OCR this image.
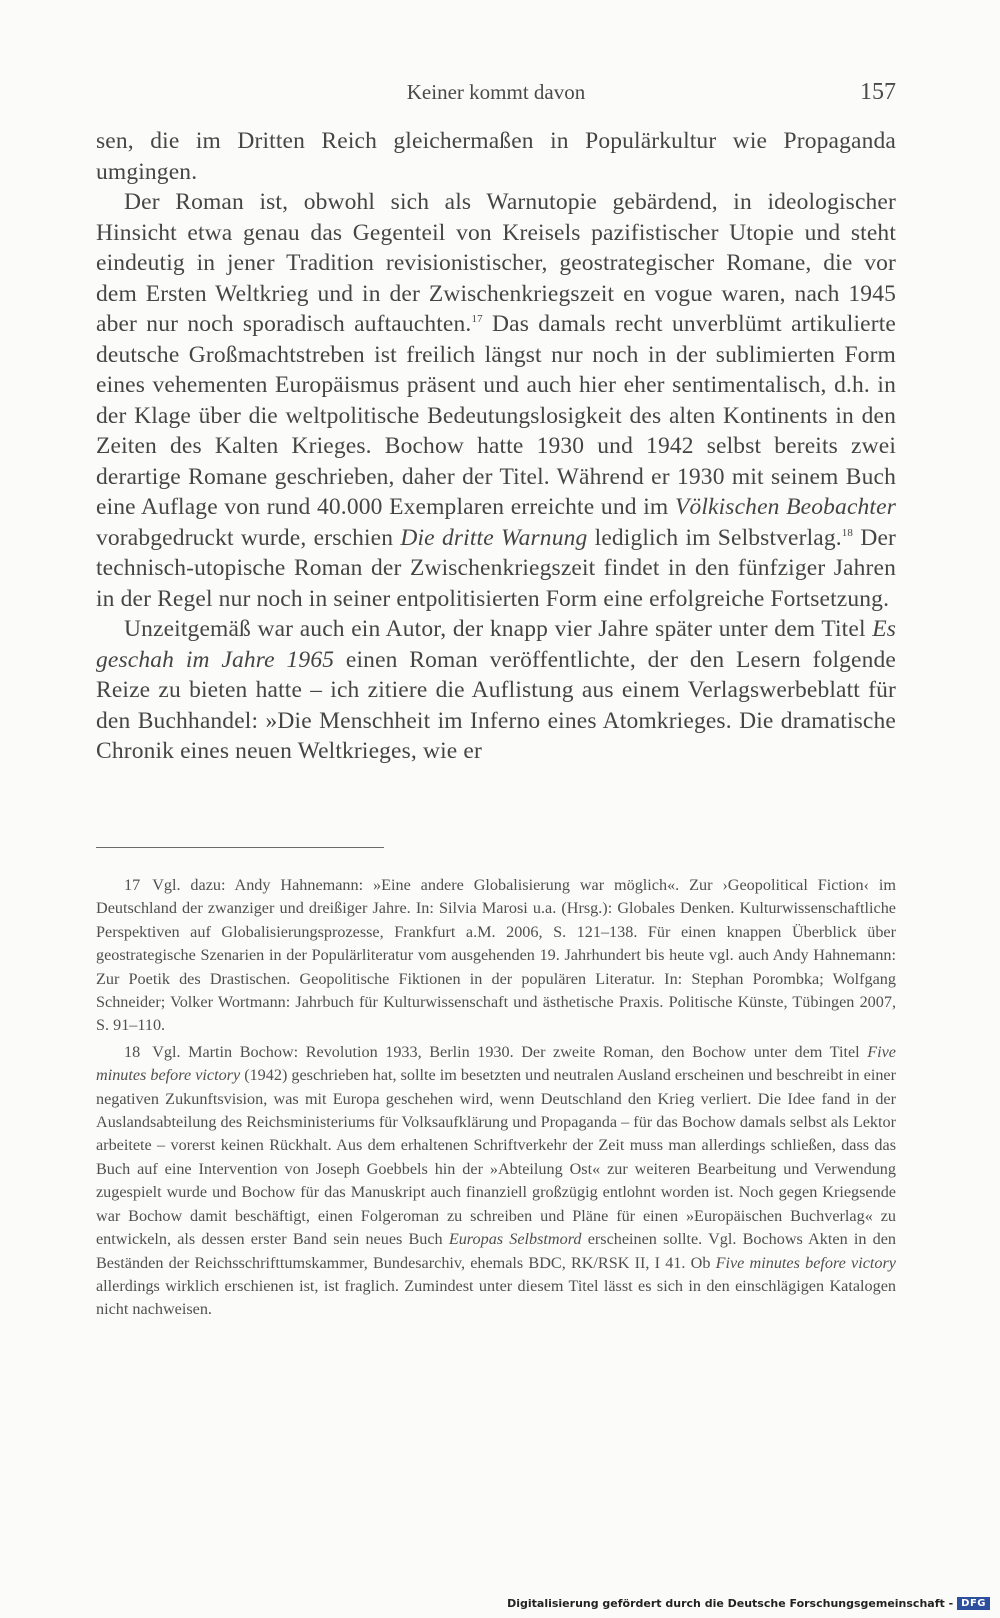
Keiner kommt davon	157

sen, die im Dritten Reich gleichermaßen in Populärkultur wie Propaganda umgingen.

Der Roman ist, obwohl sich als Warnutopie gebärdend, in ideologischer Hinsicht etwa genau das Gegenteil von Kreisels pazifistischer Utopie und steht eindeutig in jener Tradition revisionistischer, geostrategischer Romane, die vor dem Ersten Weltkrieg und in der Zwischenkriegszeit en vogue waren, nach 1945 aber nur noch sporadisch auftauchten.$^{17}$ Das damals recht unverblümt artikulierte deutsche Großmachtstreben ist freilich längst nur noch in der sublimierten Form eines vehementen Europäismus präsent und auch hier eher sentimentalisch, d.h. in der Klage über die weltpolitische Bedeutungslosigkeit des alten Kontinents in den Zeiten des Kalten Krieges. Bochow hatte 1930 und 1942 selbst bereits zwei derartige Romane geschrieben, daher der Titel. Während er 1930 mit seinem Buch eine Auflage von rund 40.000 Exemplaren erreichte und im Völkischen Beobachter vorabgedruckt wurde, erschien Die dritte Warnung lediglich im Selbstverlag.$^{18}$ Der technisch-utopische Roman der Zwischenkriegszeit findet in den fünfziger Jahren in der Regel nur noch in seiner entpolitisierten Form eine erfolgreiche Fortsetzung.

Unzeitgemäß war auch ein Autor, der knapp vier Jahre später unter dem Titel Es geschah im Jahre 1965 einen Roman veröffentlichte, der den Lesern folgende Reize zu bieten hatte – ich zitiere die Auflistung aus einem Verlagswerbeblatt für den Buchhandel: »Die Menschheit im Inferno eines Atomkrieges. Die dramatische Chronik eines neuen Weltkrieges, wie er

17 Vgl. dazu: Andy Hahnemann: »Eine andere Globalisierung war möglich«. Zur ›Geopolitical Fiction‹ im Deutschland der zwanziger und dreißiger Jahre. In: Silvia Marosi u.a. (Hrsg.): Globales Denken. Kulturwissenschaftliche Perspektiven auf Globalisierungsprozesse, Frankfurt a.M. 2006, S. 121–138. Für einen knappen Überblick über geostrategische Szenarien in der Populärliteratur vom ausgehenden 19. Jahrhundert bis heute vgl. auch Andy Hahnemann: Zur Poetik des Drastischen. Geopolitische Fiktionen in der populären Literatur. In: Stephan Porombka; Wolfgang Schneider; Volker Wortmann: Jahrbuch für Kulturwissenschaft und ästhetische Praxis. Politische Künste, Tübingen 2007, S. 91–110.

18 Vgl. Martin Bochow: Revolution 1933, Berlin 1930. Der zweite Roman, den Bochow unter dem Titel Five minutes before victory (1942) geschrieben hat, sollte im besetzten und neutralen Ausland erscheinen und beschreibt in einer negativen Zukunftsvision, was mit Europa geschehen wird, wenn Deutschland den Krieg verliert. Die Idee fand in der Auslandsabteilung des Reichsministeriums für Volksaufklärung und Propaganda – für das Bochow damals selbst als Lektor arbeitete – vorerst keinen Rückhalt. Aus dem erhaltenen Schriftverkehr der Zeit muss man allerdings schließen, dass das Buch auf eine Intervention von Joseph Goebbels hin der »Abteilung Ost« zur weiteren Bearbeitung und Verwendung zugespielt wurde und Bochow für das Manuskript auch finanziell großzügig entlohnt worden ist. Noch gegen Kriegsende war Bochow damit beschäftigt, einen Folgeroman zu schreiben und Pläne für einen »Europäischen Buchverlag« zu entwickeln, als dessen erster Band sein neues Buch Europas Selbstmord erscheinen sollte. Vgl. Bochows Akten in den Beständen der Reichsschrifttumskammer, Bundesarchiv, ehemals BDC, RK/RSK II, I 41. Ob Five minutes before victory allerdings wirklich erschienen ist, ist fraglich. Zumindest unter diesem Titel lässt es sich in den einschlägigen Katalogen nicht nachweisen.

Digitalisierung gefördert durch die Deutsche Forschungsgemeinschaft - DFG
